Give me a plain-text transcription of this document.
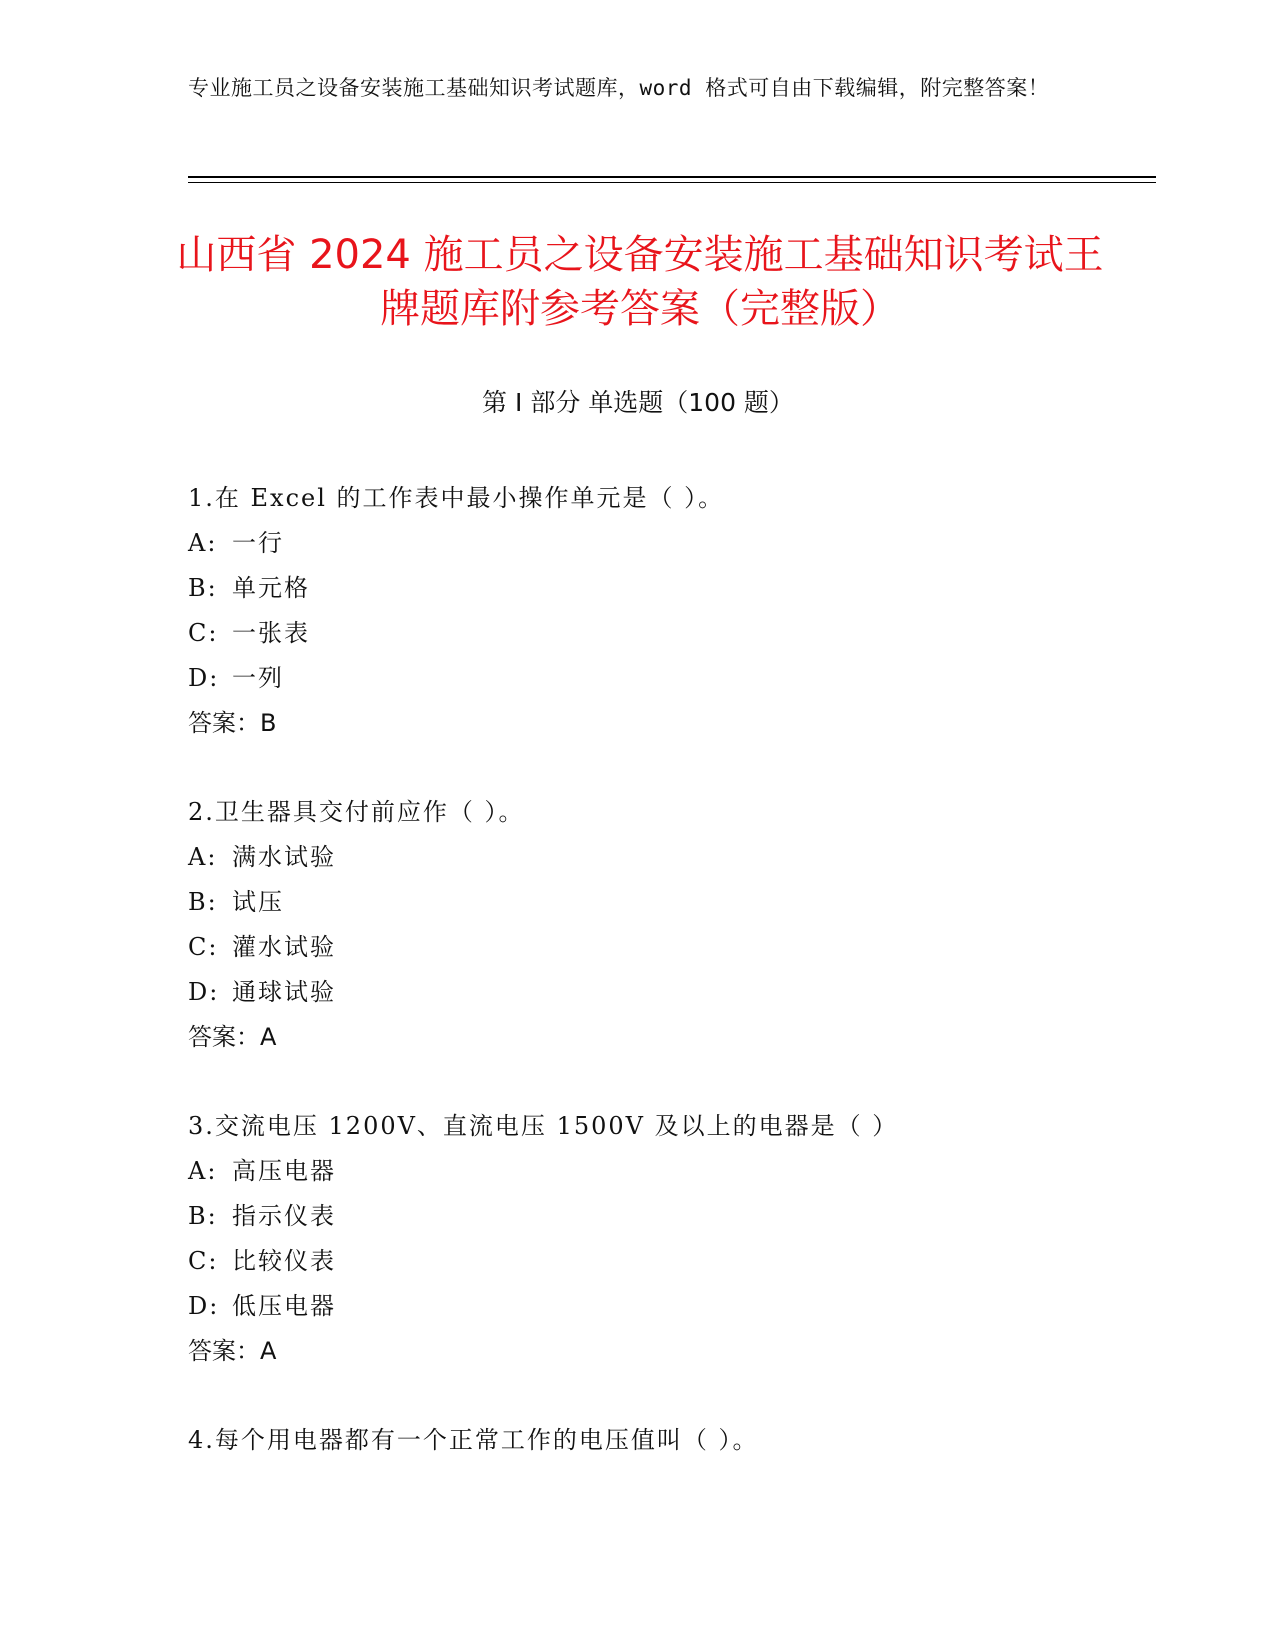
专业施工员之设备安装施工基础知识考试题库，word 格式可自由下载编辑，附完整答案！
山西省 2024 施工员之设备安装施工基础知识考试王牌题库附参考答案（完整版）
第 I 部分 单选题（100 题）
1.在 Excel 的工作表中最小操作单元是（ ）。
A: 一行
B: 单元格
C: 一张表
D: 一列
答案：B
2.卫生器具交付前应作（ ）。
A: 满水试验
B: 试压
C: 灌水试验
D: 通球试验
答案：A
3.交流电压 1200V、直流电压 1500V 及以上的电器是（ ）
A: 高压电器
B: 指示仪表
C: 比较仪表
D: 低压电器
答案：A
4.每个用电器都有一个正常工作的电压值叫（ ）。
